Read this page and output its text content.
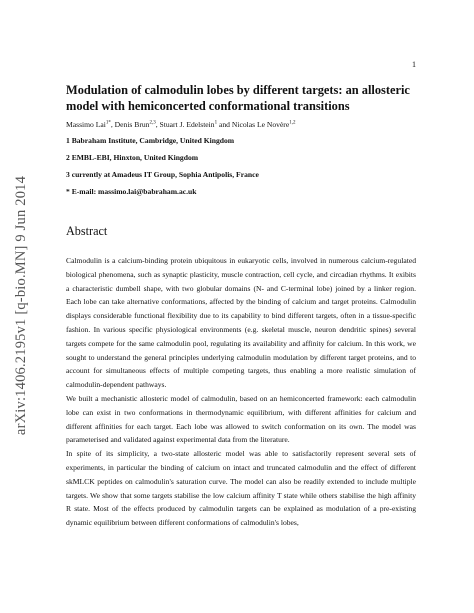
1
arXiv:1406.2195v1 [q-bio.MN] 9 Jun 2014
Modulation of calmodulin lobes by different targets: an allosteric model with hemiconcerted conformational transitions
Massimo Lai$^{1*}$, Denis Brun$^{2,3}$, Stuart J. Edelstein$^1$ and Nicolas Le Novère$^{1,2}$
1 Babraham Institute, Cambridge, United Kingdom
2 EMBL-EBI, Hinxton, United Kingdom
3 currently at Amadeus IT Group, Sophia Antipolis, France
* E-mail: massimo.lai@babraham.ac.uk
Abstract

Calmodulin is a calcium-binding protein ubiquitous in eukaryotic cells, involved in numerous calcium-regulated biological phenomena, such as synaptic plasticity, muscle contraction, cell cycle, and circadian rhythms. It exibits a characteristic dumbell shape, with two globular domains (N- and C-terminal lobe) joined by a linker region. Each lobe can take alternative conformations, affected by the binding of calcium and target proteins. Calmodulin displays considerable functional flexibility due to its capability to bind different targets, often in a tissue-specific fashion. In various specific physiological environments (e.g. skeletal muscle, neuron dendritic spines) several targets compete for the same calmodulin pool, regulating its availability and affinity for calcium. In this work, we sought to understand the general principles underlying calmodulin modulation by different target proteins, and to account for simultaneous effects of multiple competing targets, thus enabling a more realistic simulation of calmodulin-dependent pathways.

We built a mechanistic allosteric model of calmodulin, based on an hemiconcerted framework: each calmodulin lobe can exist in two conformations in thermodynamic equilibrium, with different affinities for calcium and different affinities for each target. Each lobe was allowed to switch conformation on its own. The model was parameterised and validated against experimental data from the literature.

In spite of its simplicity, a two-state allosteric model was able to satisfactorily represent several sets of experiments, in particular the binding of calcium on intact and truncated calmodulin and the effect of different skMLCK peptides on calmodulin's saturation curve. The model can also be readily extended to include multiple targets. We show that some targets stabilise the low calcium affinity T state while others stabilise the high affinity R state. Most of the effects produced by calmodulin targets can be explained as modulation of a pre-existing dynamic equilibrium between different conformations of calmodulin's lobes,
